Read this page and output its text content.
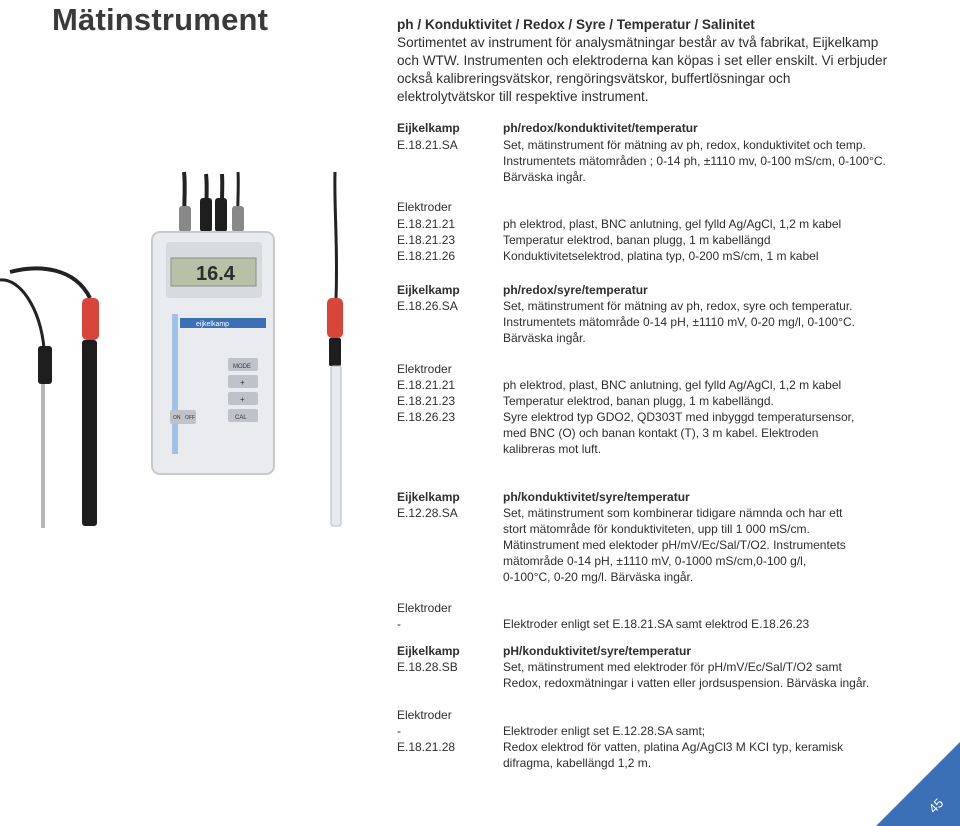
Mätinstrument	ph / Konduktivitet / Redox / Syre / Temperatur / Salinitet
Sortimentet av instrument för analysmätningar består av två fabrikat, Eijkelkamp
och WTW. Instrumenten och elektroderna kan köpas i set eller enskilt. Vi erbjuder
också kalibreringsvätskor, rengöringsvätskor, buffertlösningar och
elektrolytvätskor till respektive instrument.
16.4
eijkelkamp
MODE
+
+
CAL
ON OFF
Eijkelkamp
E.18.21.SA
ph/redox/konduktivitet/temperatur
Set, mätinstrument för mätning av ph, redox, konduktivitet och temp.
Instrumentets mätområden ; 0-14 ph, ±1110 mv, 0-100 mS/cm, 0-100°C.
Bärväska ingår.
Elektroder
E.18.21.21
E.18.21.23
E.18.21.26
ph elektrod, plast, BNC anlutning, gel fylld Ag/AgCl, 1,2 m kabel
Temperatur elektrod, banan plugg, 1 m kabellängd
Konduktivitetselektrod, platina typ, 0-200 mS/cm, 1 m kabel
Eijkelkamp
E.18.26.SA
ph/redox/syre/temperatur
Set, mätinstrument för mätning av ph, redox, syre och temperatur.
Instrumentets mätområde 0-14 pH, ±1110 mV, 0-20 mg/l, 0-100°C.
Bärväska ingår.
Elektroder
E.18.21.21
E.18.21.23
E.18.26.23
ph elektrod, plast, BNC anlutning, gel fylld Ag/AgCl, 1,2 m kabel
Temperatur elektrod, banan plugg, 1 m kabellängd.
Syre elektrod typ GDO2, QD303T med inbyggd temperatursensor,
med BNC (O) och banan kontakt (T), 3 m kabel. Elektroden
kalibreras mot luft.
Eijkelkamp
E.12.28.SA
ph/konduktivitet/syre/temperatur
Set, mätinstrument som kombinerar tidigare nämnda och har ett
stort mätområde för konduktiviteten, upp till 1 000 mS/cm.
Mätinstrument med elektoder pH/mV/Ec/Sal/T/O2. Instrumentets
mätområde 0-14 pH, ±1110 mV, 0-1000 mS/cm,0-100 g/l,
0-100°C, 0-20 mg/l. Bärväska ingår.
Elektroder
-	Elektroder enligt set E.18.21.SA samt elektrod E.18.26.23
Eijkelkamp
E.18.28.SB
pH/konduktivitet/syre/temperatur
Set, mätinstrument med elektroder för pH/mV/Ec/Sal/T/O2 samt
Redox, redoxmätningar i vatten eller jordsuspension. Bärväska ingår.
Elektroder
-
E.18.21.28
Elektroder enligt set E.12.28.SA samt;
Redox elektrod för vatten, platina Ag/AgCl3 M KCI typ, keramisk
difragma, kabellängd 1,2 m.
45
